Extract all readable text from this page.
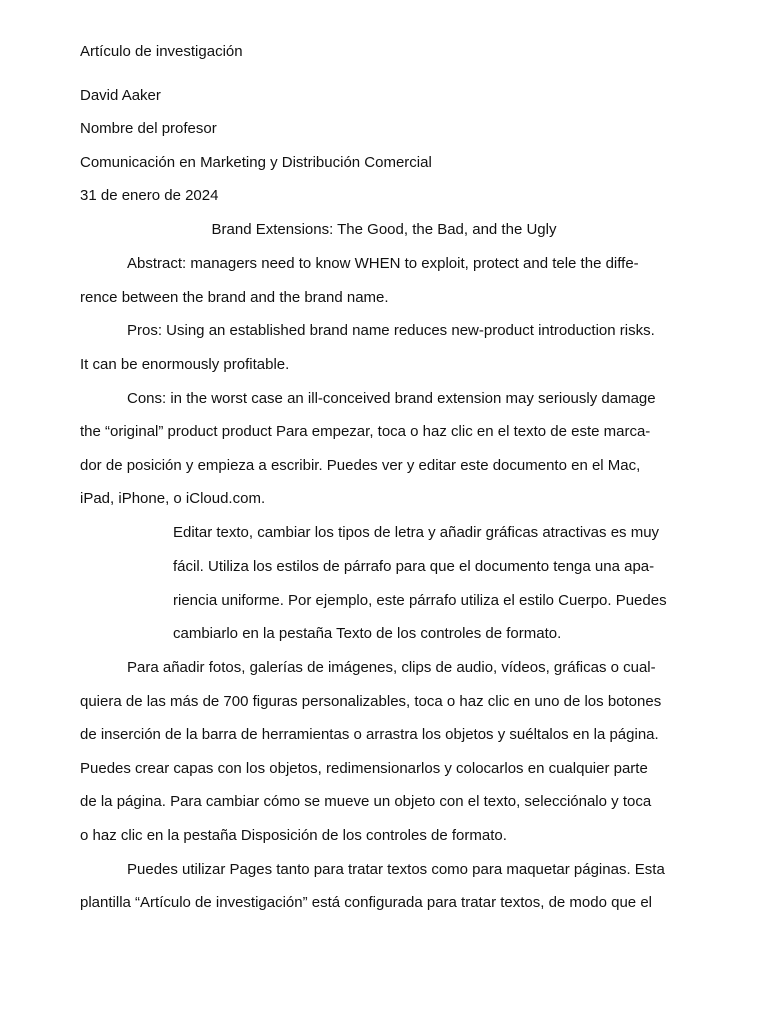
Artículo de investigación
David Aaker
Nombre del profesor
Comunicación en Marketing y Distribución Comercial
31 de enero de 2024
Brand Extensions: The Good, the Bad, and the Ugly
Abstract: managers need to know WHEN to exploit, protect and tele the diffe-
rence between the brand and the brand name.
Pros: Using an established brand name reduces new-product introduction risks.
It can be enormously profitable.
Cons: in the worst case an ill-conceived brand extension may seriously damage
the “original” product product Para empezar, toca o haz clic en el texto de este marca-
dor de posición y empieza a escribir. Puedes ver y editar este documento en el Mac,
iPad, iPhone, o iCloud.com.
Editar texto, cambiar los tipos de letra y añadir gráficas atractivas es muy
fácil. Utiliza los estilos de párrafo para que el documento tenga una apa-
riencia uniforme. Por ejemplo, este párrafo utiliza el estilo Cuerpo. Puedes
cambiarlo en la pestaña Texto de los controles de formato.
Para añadir fotos, galerías de imágenes, clips de audio, vídeos, gráficas o cual-
quiera de las más de 700 figuras personalizables, toca o haz clic en uno de los botones
de inserción de la barra de herramientas o arrastra los objetos y suéltalos en la página.
Puedes crear capas con los objetos, redimensionarlos y colocarlos en cualquier parte
de la página. Para cambiar cómo se mueve un objeto con el texto, selecciónalo y toca
o haz clic en la pestaña Disposición de los controles de formato.
Puedes utilizar Pages tanto para tratar textos como para maquetar páginas. Esta
plantilla “Artículo de investigación” está configurada para tratar textos, de modo que el
